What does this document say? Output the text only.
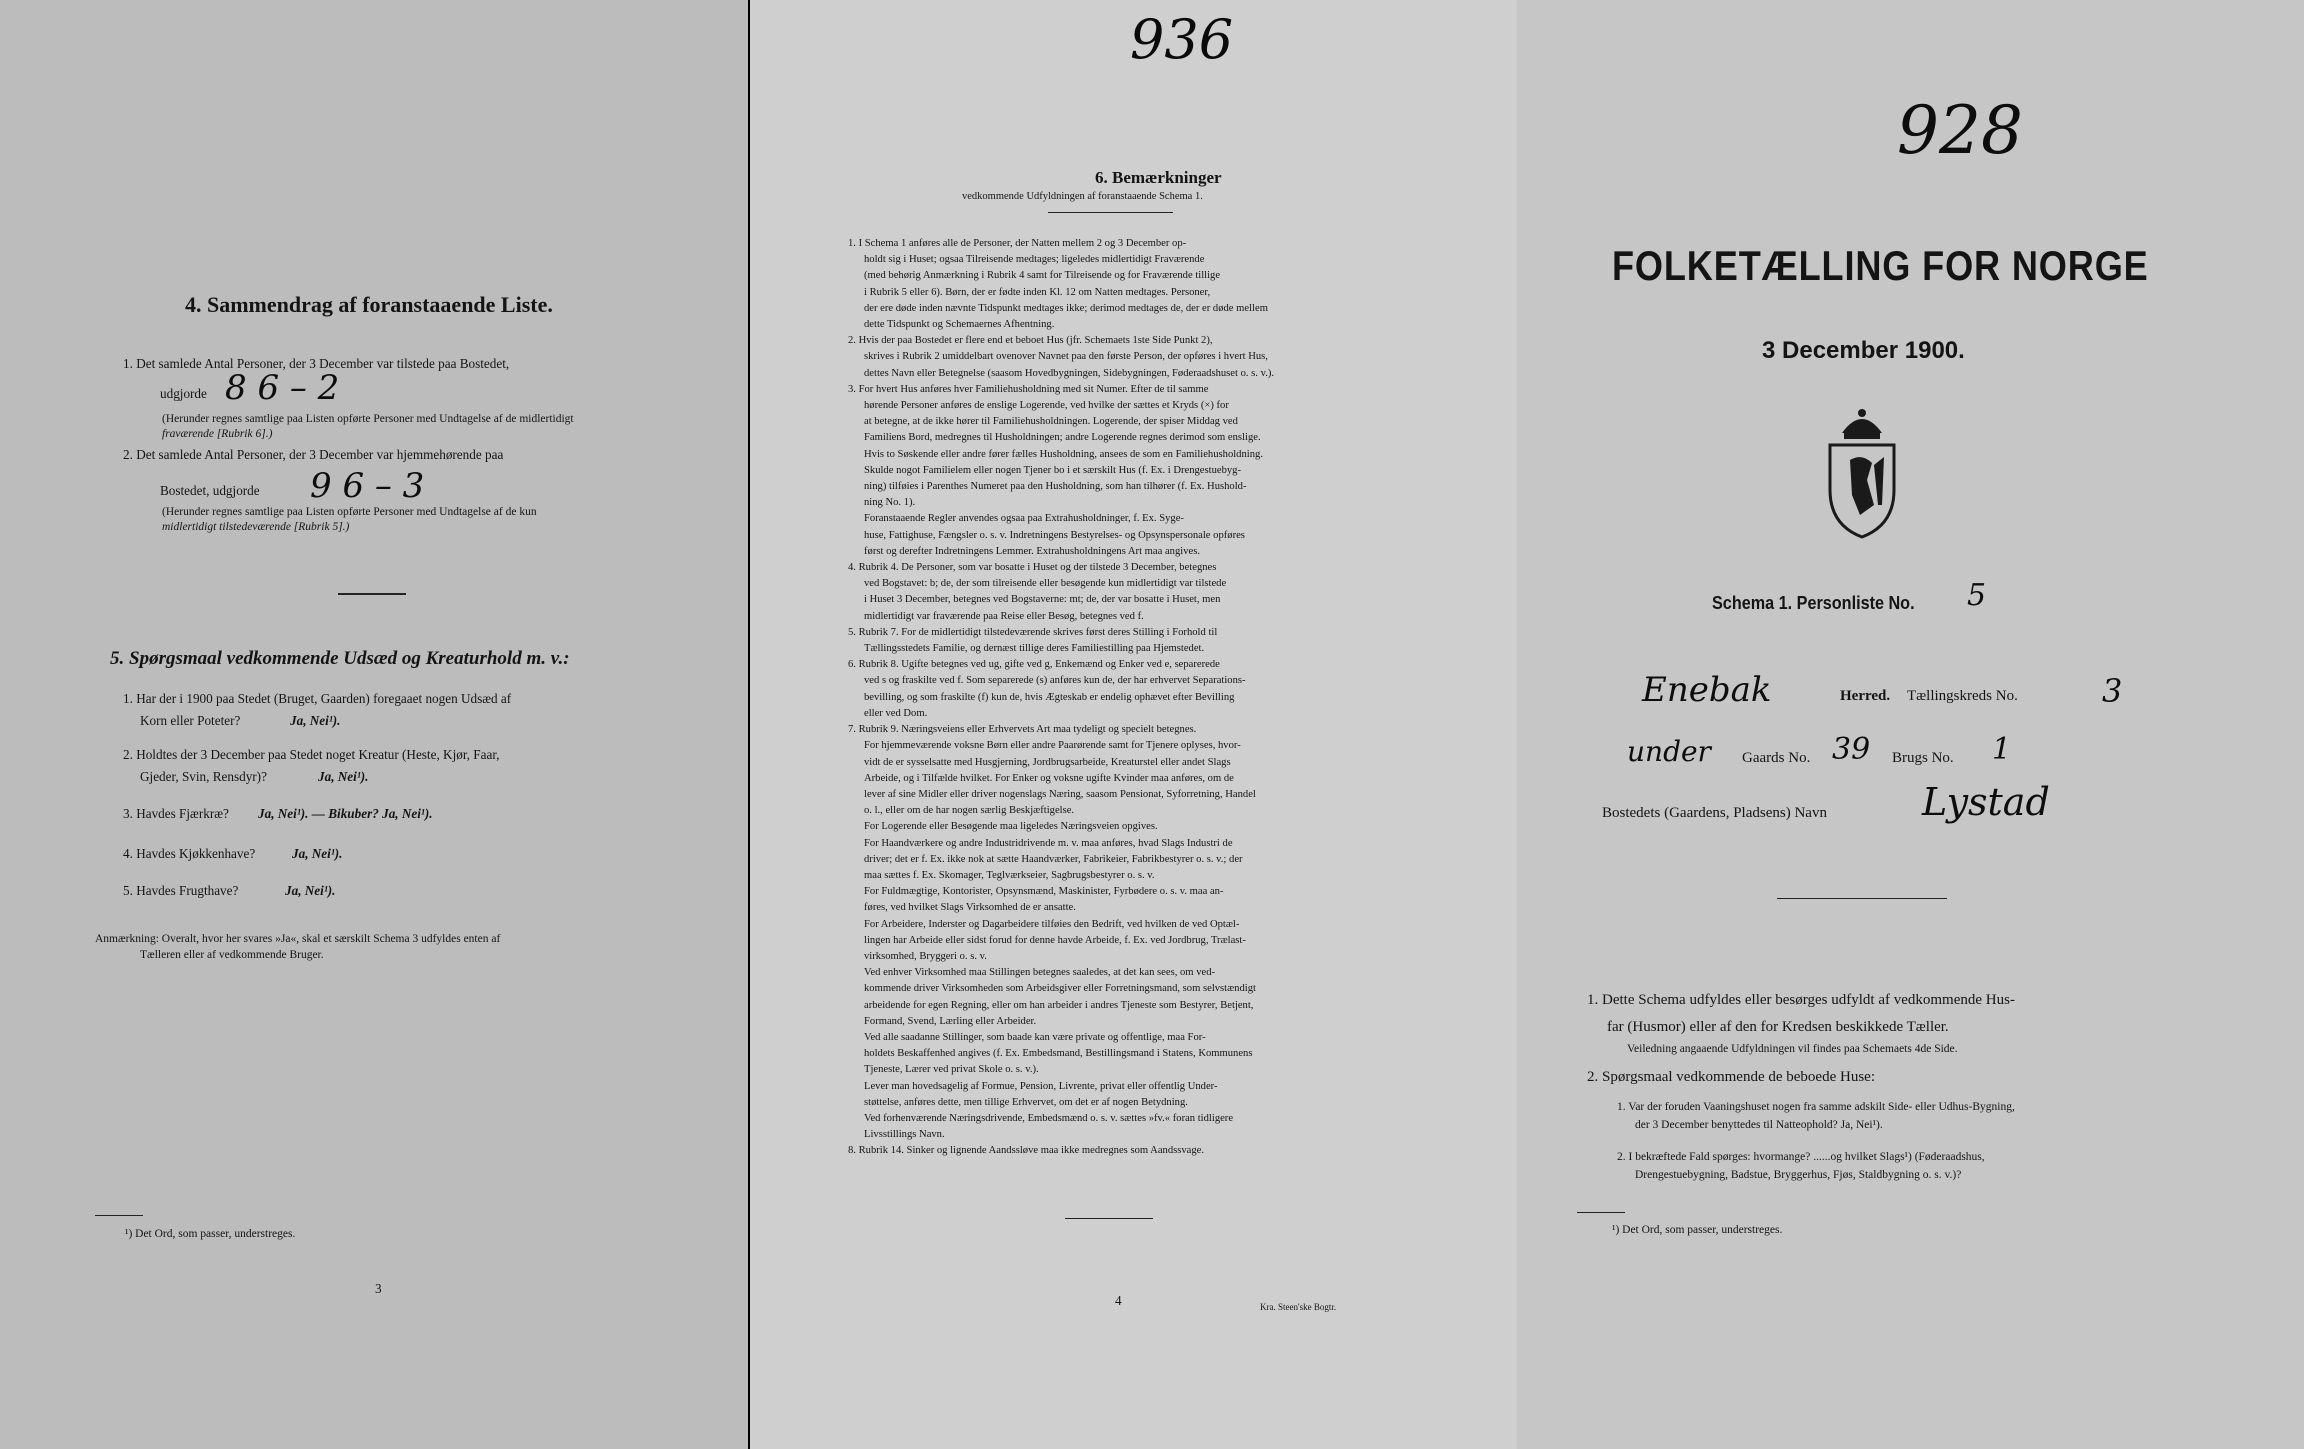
4. Sammendrag af foranstaaende Liste.
1. Det samlede Antal Personer, der 3 December var tilstede paa Bostedet,
udgjorde 8 6 – 2
(Herunder regnes samtlige paa Listen opførte Personer med Undtagelse af de midlertidigt
fraværende [Rubrik 6].)
2. Det samlede Antal Personer, der 3 December var hjemmehørende paa
Bostedet, udgjorde 9 6 – 3
(Herunder regnes samtlige paa Listen opførte Personer med Undtagelse af de kun
midlertidigt tilstedeværende [Rubrik 5].)
5. Spørgsmaal vedkommende Udsæd og Kreaturhold m. v.:
1. Har der i 1900 paa Stedet (Bruget, Gaarden) foregaaet nogen Udsæd af
Korn eller Poteter?	Ja, Nei¹).
2. Holdtes der 3 December paa Stedet noget Kreatur (Heste, Kjør, Faar,
Gjeder, Svin, Rensdyr)?	Ja, Nei¹).
3. Havdes Fjærkræ? Ja, Nei¹). — Bikuber? Ja, Nei¹).
4. Havdes Kjøkkenhave?	Ja, Nei¹).
5. Havdes Frugthave?	Ja, Nei¹).
Anmærkning: Overalt, hvor her svares »Ja«, skal et særskilt Schema 3 udfyldes enten af
Tælleren eller af vedkommende Bruger.
¹) Det Ord, som passer, understreges.
3
6. Bemærkninger
vedkommende Udfyldningen af foranstaaende Schema 1.
1. I Schema 1 anføres alle de Personer, der Natten mellem 2 og 3 December op-
holdt sig i Huset; ogsaa Tilreisende medtages; ligeledes midlertidigt Fraværende
(med behørig Anmærkning i Rubrik 4 samt for Tilreisende og for Fraværende tillige
i Rubrik 5 eller 6). Børn, der er fødte inden Kl. 12 om Natten medtages. Personer,
der ere døde inden nævnte Tidspunkt medtages ikke; derimod medtages de, der er døde mellem
dette Tidspunkt og Schemaernes Afhentning.
2. Hvis der paa Bostedet er flere end et beboet Hus (jfr. Schemaets 1ste Side Punkt 2),
skrives i Rubrik 2 umiddelbart ovenover Navnet paa den første Person, der opføres i hvert Hus,
dettes Navn eller Betegnelse (saasom Hovedbygningen, Sidebygningen, Føderaadshuset o. s. v.).
3. For hvert Hus anføres hver Familiehusholdning med sit Numer. Efter de til samme
hørende Personer anføres de enslige Logerende, ved hvilke der sættes et Kryds (×) for
at betegne, at de ikke hører til Familiehusholdningen. Logerende, der spiser Middag ved
Familiens Bord, medregnes til Husholdningen; andre Logerende regnes derimod som enslige.
Hvis to Søskende eller andre fører fælles Husholdning, ansees de som en Familiehusholdning.
Skulde nogot Familielem eller nogen Tjener bo i et særskilt Hus (f. Ex. i Drengestuebyg-
ning) tilføies i Parenthes Numeret paa den Husholdning, som han tilhører (f. Ex. Hushold-
ning No. 1).
Foranstaaende Regler anvendes ogsaa paa Extrahusholdninger, f. Ex. Syge-
huse, Fattighuse, Fængsler o. s. v. Indretningens Bestyrelses- og Opsynspersonale opføres
først og derefter Indretningens Lemmer. Extrahusholdningens Art maa angives.
4. Rubrik 4. De Personer, som var bosatte i Huset og der tilstede 3 December, betegnes
ved Bogstavet: b; de, der som tilreisende eller besøgende kun midlertidigt var tilstede
i Huset 3 December, betegnes ved Bogstaverne: mt; de, der var bosatte i Huset, men
midlertidigt var fraværende paa Reise eller Besøg, betegnes ved f.
5. Rubrik 7. For de midlertidigt tilstedeværende skrives først deres Stilling i Forhold til
Tællingsstedets Familie, og dernæst tillige deres Familiestilling paa Hjemstedet.
6. Rubrik 8. Ugifte betegnes ved ug, gifte ved g, Enkemænd og Enker ved e, separerede
ved s og fraskilte ved f. Som separerede (s) anføres kun de, der har erhvervet Separations-
bevilling, og som fraskilte (f) kun de, hvis Ægteskab er endelig ophævet efter Bevilling
eller ved Dom.
7. Rubrik 9. Næringsveiens eller Erhvervets Art maa tydeligt og specielt betegnes.
For hjemmeværende voksne Børn eller andre Paarørende samt for Tjenere oplyses, hvor-
vidt de er sysselsatte med Husgjerning, Jordbrugsarbeide, Kreaturstel eller andet Slags
Arbeide, og i Tilfælde hvilket. For Enker og voksne ugifte Kvinder maa anføres, om de
lever af sine Midler eller driver nogenslags Næring, saasom Pensionat, Syforretning, Handel
o. l., eller om de har nogen særlig Beskjæftigelse.
For Logerende eller Besøgende maa ligeledes Næringsveien opgives.
For Haandværkere og andre Industridrivende m. v. maa anføres, hvad Slags Industri de
driver; det er f. Ex. ikke nok at sætte Haandværker, Fabrikeier, Fabrikbestyrer o. s. v.; der
maa sættes f. Ex. Skomager, Teglværkseier, Sagbrugsbestyrer o. s. v.
For Fuldmægtige, Kontorister, Opsynsmænd, Maskinister, Fyrbødere o. s. v. maa an-
føres, ved hvilket Slags Virksomhed de er ansatte.
For Arbeidere, Inderster og Dagarbeidere tilføies den Bedrift, ved hvilken de ved Optæl-
lingen har Arbeide eller sidst forud for denne havde Arbeide, f. Ex. ved Jordbrug, Trælast-
virksomhed, Bryggeri o. s. v.
Ved enhver Virksomhed maa Stillingen betegnes saaledes, at det kan sees, om ved-
kommende driver Virksomheden som Arbeidsgiver eller Forretningsmand, som selvstændigt
arbeidende for egen Regning, eller om han arbeider i andres Tjeneste som Bestyrer, Betjent,
Formand, Svend, Lærling eller Arbeider.
Ved alle saadanne Stillinger, som baade kan være private og offentlige, maa For-
holdets Beskaffenhed angives (f. Ex. Embedsmand, Bestillingsmand i Statens, Kommunens
Tjeneste, Lærer ved privat Skole o. s. v.).
Lever man hovedsagelig af Formue, Pension, Livrente, privat eller offentlig Under-
støttelse, anføres dette, men tillige Erhvervet, om det er af nogen Betydning.
Ved forhenværende Næringsdrivende, Embedsmænd o. s. v. sættes »fv.« foran tidligere
Livsstillings Navn.
8. Rubrik 14. Sinker og lignende Aandssløve maa ikke medregnes som Aandssvage.
4	Kra. Steen'ske Bogtr.
928
FOLKETÆLLING FOR NORGE
3 December 1900.
Schema 1. Personliste No. 5
Enebak	Herred. Tællingskreds No.	3
under Gaards No. 39 Brugs No. 1
Bostedets (Gaardens, Pladsens) Navn	Lystad
1. Dette Schema udfyldes eller besørges udfyldt af vedkommende Hus-
far (Husmor) eller af den for Kredsen beskikkede Tæller.
Veiledning angaaende Udfyldningen vil findes paa Schemaets 4de Side.
2. Spørgsmaal vedkommende de beboede Huse:
1. Var der foruden Vaaningshuset nogen fra samme adskilt Side- eller Udhus-Bygning,
der 3 December benyttedes til Natteophold? Ja, Nei¹).
2. I bekræftede Fald spørges: hvormange? ......og hvilket Slags¹) (Føderaadshus,
Drengestuebygning, Badstue, Bryggerhus, Fjøs, Staldbygning o. s. v.)?
¹) Det Ord, som passer, understreges.
936
